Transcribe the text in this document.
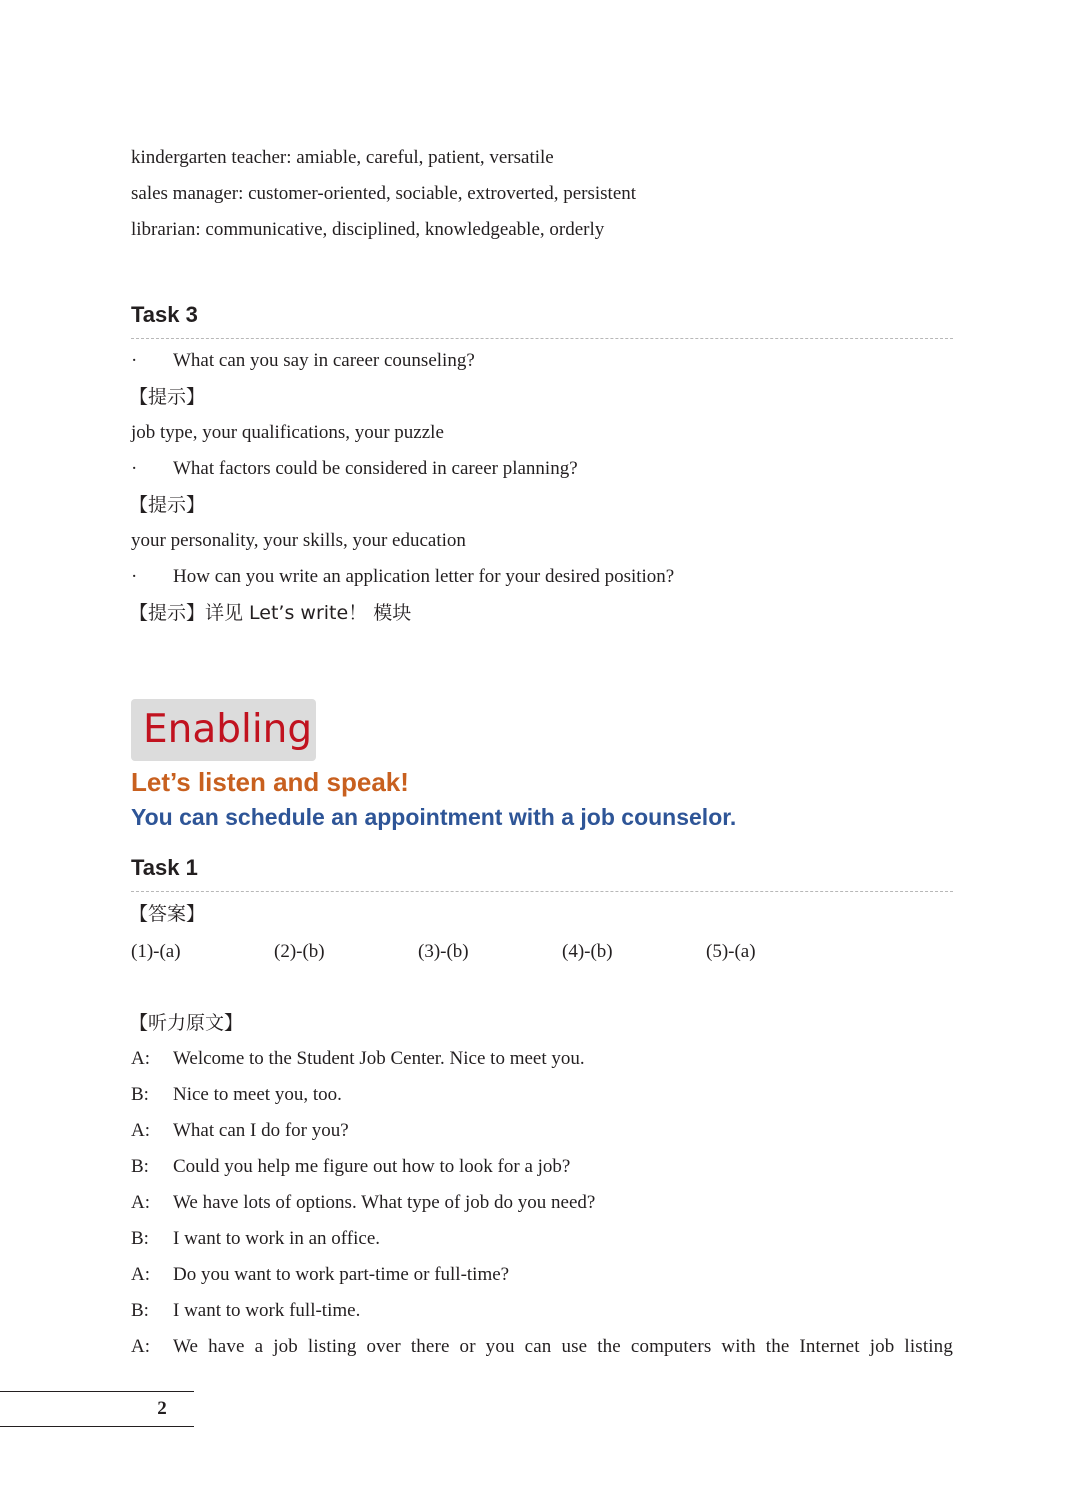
kindergarten teacher: amiable, careful, patient, versatile
sales manager: customer-oriented, sociable, extroverted, persistent
librarian: communicative, disciplined, knowledgeable, orderly
Task 3
· What can you say in career counseling?
【提示】
job type, your qualifications, your puzzle
· What factors could be considered in career planning?
【提示】
your personality, your skills, your education
· How can you write an application letter for your desired position?
【提示】详见 Let’s write！ 模块
Enabling
Let’s listen and speak!
You can schedule an appointment with a job counselor.
Task 1
【答案】
(1)-(a)	(2)-(b)	(3)-(b)	(4)-(b)	(5)-(a)
【听力原文】
A: Welcome to the Student Job Center. Nice to meet you.
B: Nice to meet you, too.
A: What can I do for you?
B: Could you help me figure out how to look for a job?
A: We have lots of options. What type of job do you need?
B: I want to work in an office.
A: Do you want to work part-time or full-time?
B: I want to work full-time.
A: We have a job listing over there or you can use the computers with the Internet job listing
2
